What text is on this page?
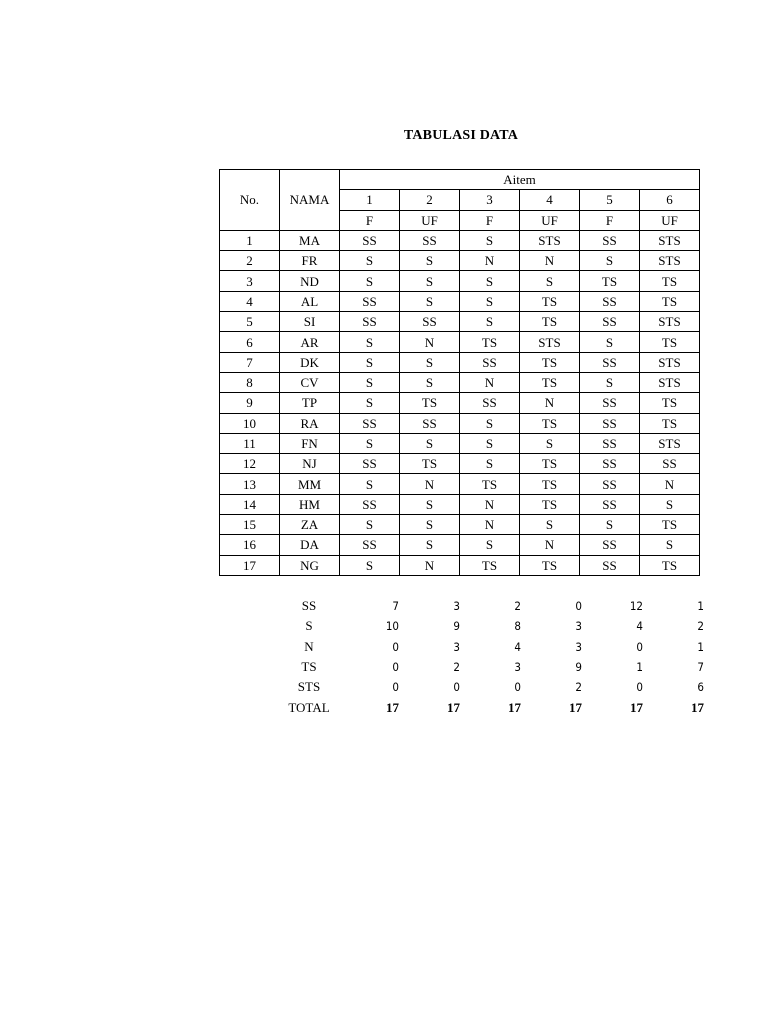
TABULASI DATA
No.	NAMA	Aitem					
		1	2	3	4	5	6
		F	UF	F	UF	F	UF
1	MA	SS	SS	S	STS	SS	STS
2	FR	S	S	N	N	S	STS
3	ND	S	S	S	S	TS	TS
4	AL	SS	S	S	TS	SS	TS
5	SI	SS	SS	S	TS	SS	STS
6	AR	S	N	TS	STS	S	TS
7	DK	S	S	SS	TS	SS	STS
8	CV	S	S	N	TS	S	STS
9	TP	S	TS	SS	N	SS	TS
10	RA	SS	SS	S	TS	SS	TS
11	FN	S	S	S	S	SS	STS
12	NJ	SS	TS	S	TS	SS	SS
13	MM	S	N	TS	TS	SS	N
14	HM	SS	S	N	TS	SS	S
15	ZA	S	S	N	S	S	TS
16	DA	SS	S	S	N	SS	S
17	NG	S	N	TS	TS	SS	TS
SS	7	3	2	0	12	1
S	10	9	8	3	4	2
N	0	3	4	3	0	1
TS	0	2	3	9	1	7
STS	0	0	0	2	0	6
TOTAL	17	17	17	17	17	17
